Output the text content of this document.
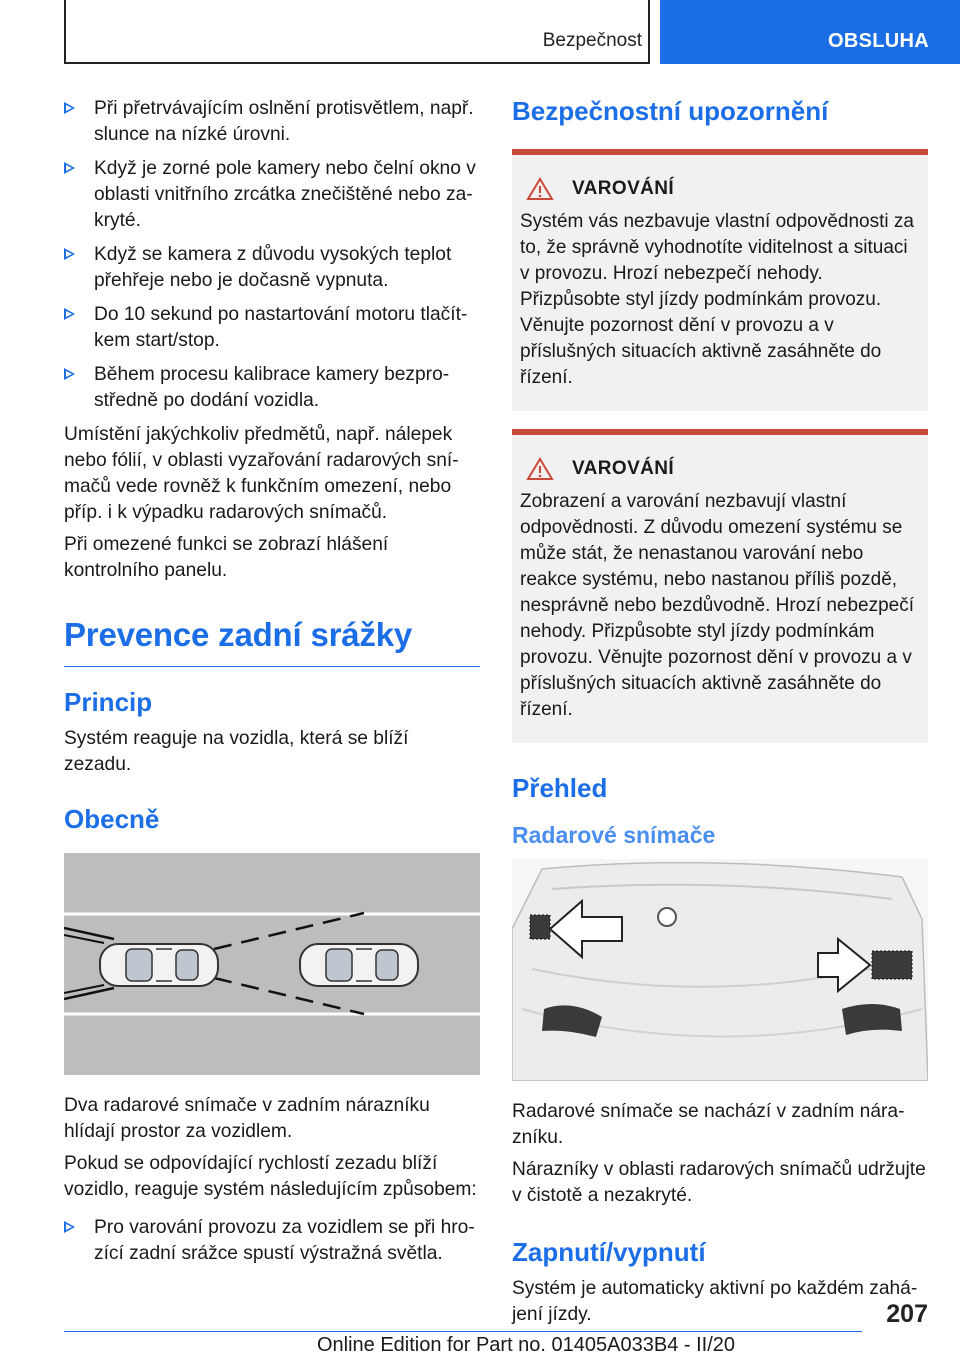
Bezpečnost	OBSLUHA
Při přetrvávajícím oslnění protisvětlem, např. slunce na nízké úrovni.
Když je zorné pole kamery nebo čelní okno v oblasti vnitřního zrcátka znečištěné nebo zakryté.
Když se kamera z důvodu vysokých teplot přehřeje nebo je dočasně vypnuta.
Do 10 sekund po nastartování motoru tlačítkem start/stop.
Během procesu kalibrace kamery bezprostředně po dodání vozidla.

Umístění jakýchkoliv předmětů, např. nálepek nebo fólií, v oblasti vyzařování radarových snímačů vede rovněž k funkčním omezení, nebo příp. i k výpadku radarových snímačů.

Při omezené funkci se zobrazí hlášení kontrolního panelu.

Prevence zadní srážky
Princip

Systém reaguje na vozidla, která se blíží zezadu.

Obecně

Dva radarové snímače v zadním nárazníku hlídají prostor za vozidlem.

Pokud se odpovídající rychlostí zezadu blíží vozidlo, reaguje systém následujícím způsobem:

Pro varování provozu za vozidlem se při hrozící zadní srážce spustí výstražná světla.
Bezpečnostní upozornění
VAROVÁNÍ

Systém vás nezbavuje vlastní odpovědnosti za to, že správně vyhodnotíte viditelnost a situaci v provozu. Hrozí nebezpečí nehody. Přizpůsobte styl jízdy podmínkám provozu. Věnujte pozornost dění v provozu a v příslušných situacích aktivně zasáhněte do řízení.

VAROVÁNÍ

Zobrazení a varování nezbavují vlastní odpovědnosti. Z důvodu omezení systému se může stát, že nenastanou varování nebo reakce systému, nebo nastanou příliš pozdě, nesprávně nebo bezdůvodně. Hrozí nebezpečí nehody. Přizpůsobte styl jízdy podmínkám provozu. Věnujte pozornost dění v provozu a v příslušných situacích aktivně zasáhněte do řízení.

Přehled
Radarové snímače

Radarové snímače se nachází v zadním nárazníku.

Nárazníky v oblasti radarových snímačů udržujte v čistotě a nezakryté.

Zapnutí/vypnutí

Systém je automaticky aktivní po každém zahájení jízdy.	207
Online Edition for Part no. 01405A033B4 - II/20
